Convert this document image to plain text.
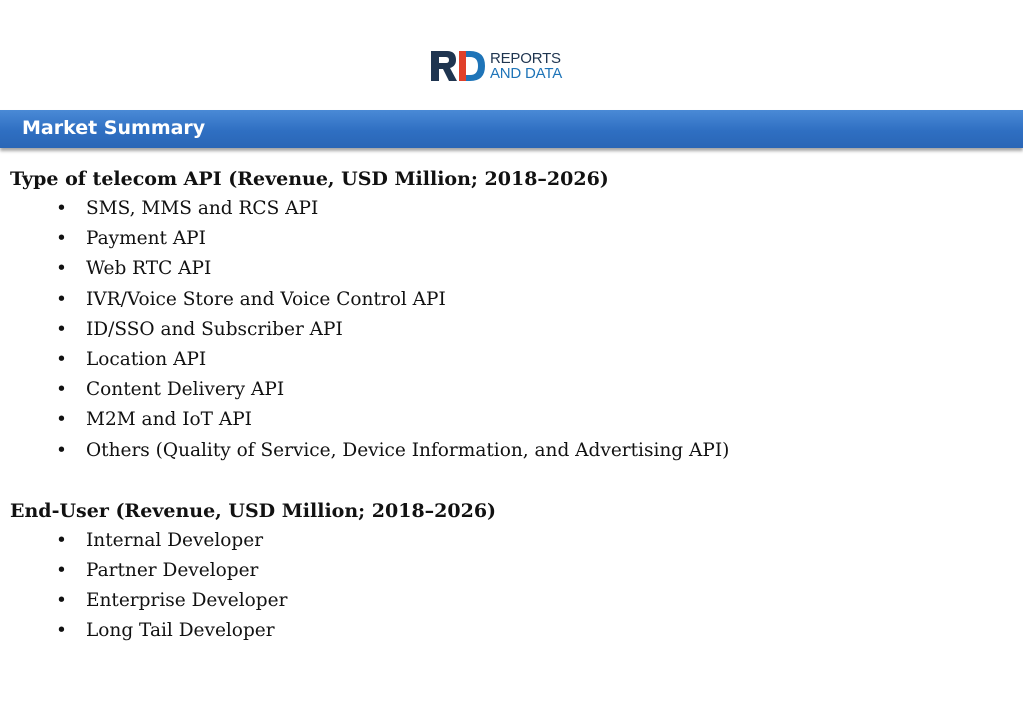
REPORTS
AND DATA
Market Summary

Type of telecom API (Revenue, USD Million; 2018–2026)

• SMS, MMS and RCS API
• Payment API
• Web RTC API
• IVR/Voice Store and Voice Control API
• ID/SSO and Subscriber API
• Location API
• Content Delivery API
• M2M and IoT API
• Others (Quality of Service, Device Information, and Advertising API)

End-User (Revenue, USD Million; 2018–2026)

• Internal Developer
• Partner Developer
• Enterprise Developer
• Long Tail Developer
